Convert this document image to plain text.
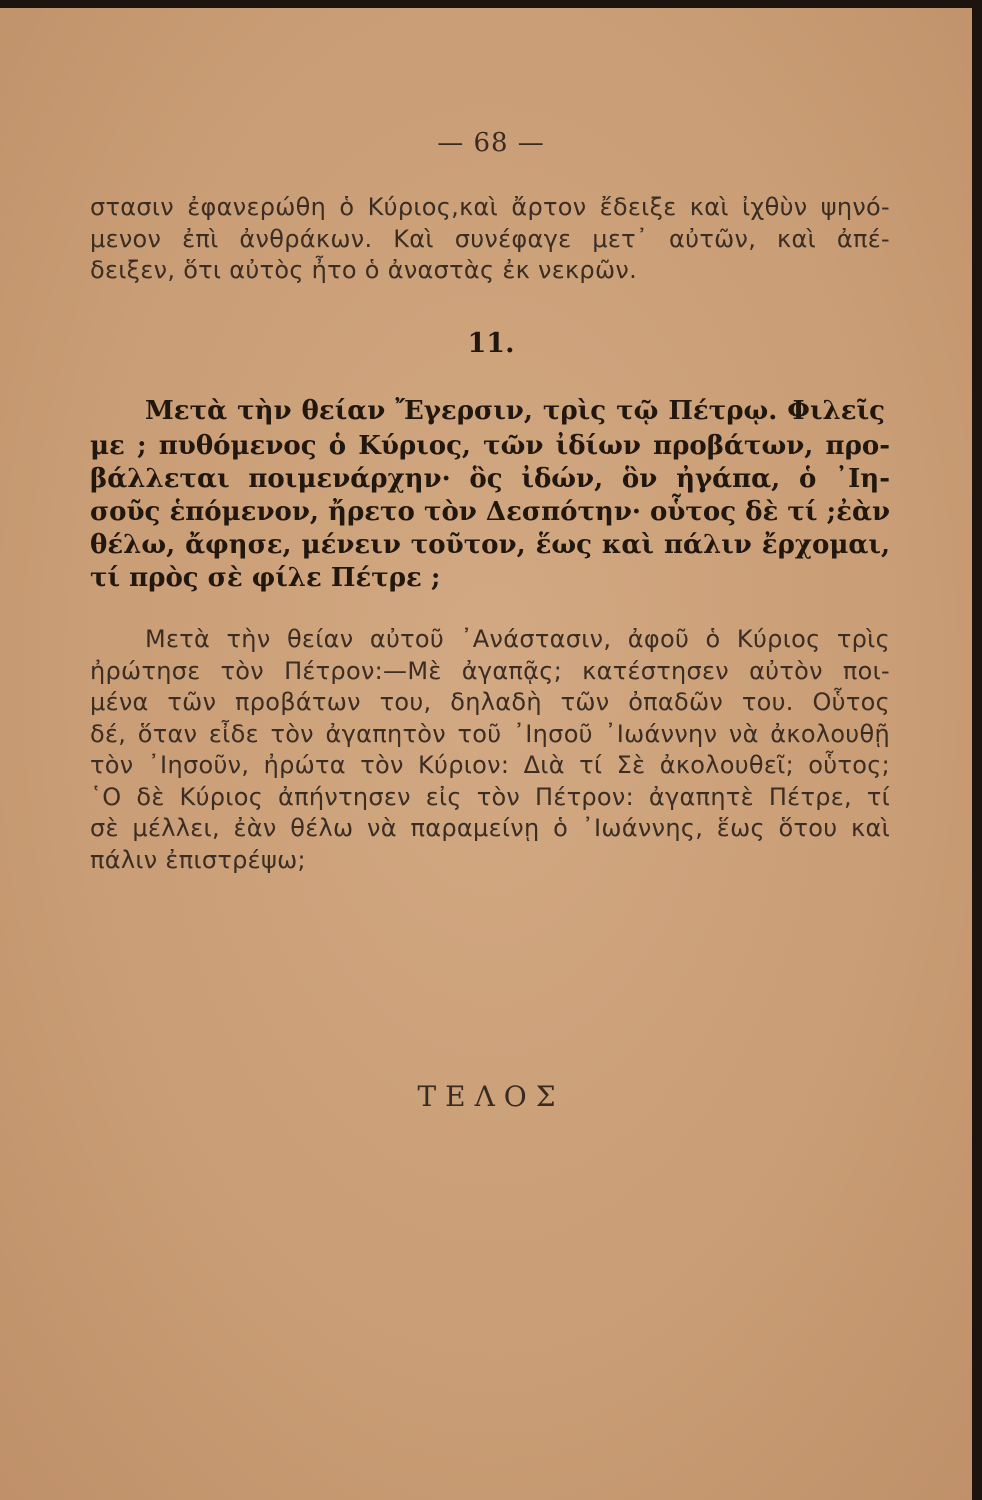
— 68 —

στασιν ἐφανερώθη ὁ Κύριος,καὶ ἄρτον ἔδειξε καὶ ἰχθὺν ψηνό-
μενον ἐπὶ ἀνθράκων. Καὶ συνέφαγε μετ᾿ αὐτῶν, καὶ ἀπέ-
δειξεν, ὅτι αὐτὸς ἦτο ὁ ἀναστὰς ἐκ νεκρῶν.

11.

Μετὰ τὴν θείαν Ἔγερσιν, τρὶς τῷ Πέτρῳ. Φιλεῖς

με ; πυθόμενος ὁ Κύριος, τῶν ἰδίων προβάτων, προ-
βάλλεται ποιμενάρχην· ὃς ἰδών, ὃν ἠγάπα, ὁ ᾿Ιη-
σοῦς ἑπόμενον, ἤρετο τὸν Δεσπότην· οὗτος δὲ τί ;ἐὰν
θέλω, ἄφησε, μένειν τοῦτον, ἕως καὶ πάλιν ἔρχομαι,
τί πρὸς σὲ φίλε Πέτρε ;

Μετὰ τὴν θείαν αὐτοῦ ᾿Ανάστασιν, ἀφοῦ ὁ Κύριος τρὶς
ἠρώτησε τὸν Πέτρον:—Μὲ ἀγαπᾷς; κατέστησεν αὐτὸν ποι-
μένα τῶν προβάτων του, δηλαδὴ τῶν ὀπαδῶν του. Οὗτος
δέ, ὅταν εἶδε τὸν ἀγαπητὸν τοῦ ᾿Ιησοῦ ᾿Ιωάννην νὰ ἀκολουθῇ
τὸν ᾿Ιησοῦν, ἠρώτα τὸν Κύριον: Διὰ τί Σὲ ἀκολουθεῖ; οὗτος;
῾Ο δὲ Κύριος ἀπήντησεν εἰς τὸν Πέτρον: ἀγαπητὲ Πέτρε, τί
σὲ μέλλει, ἐὰν θέλω νὰ παραμείνῃ ὁ ᾿Ιωάννης, ἕως ὅτου καὶ
πάλιν ἐπιστρέψω;

ΤΕΛΟΣ
